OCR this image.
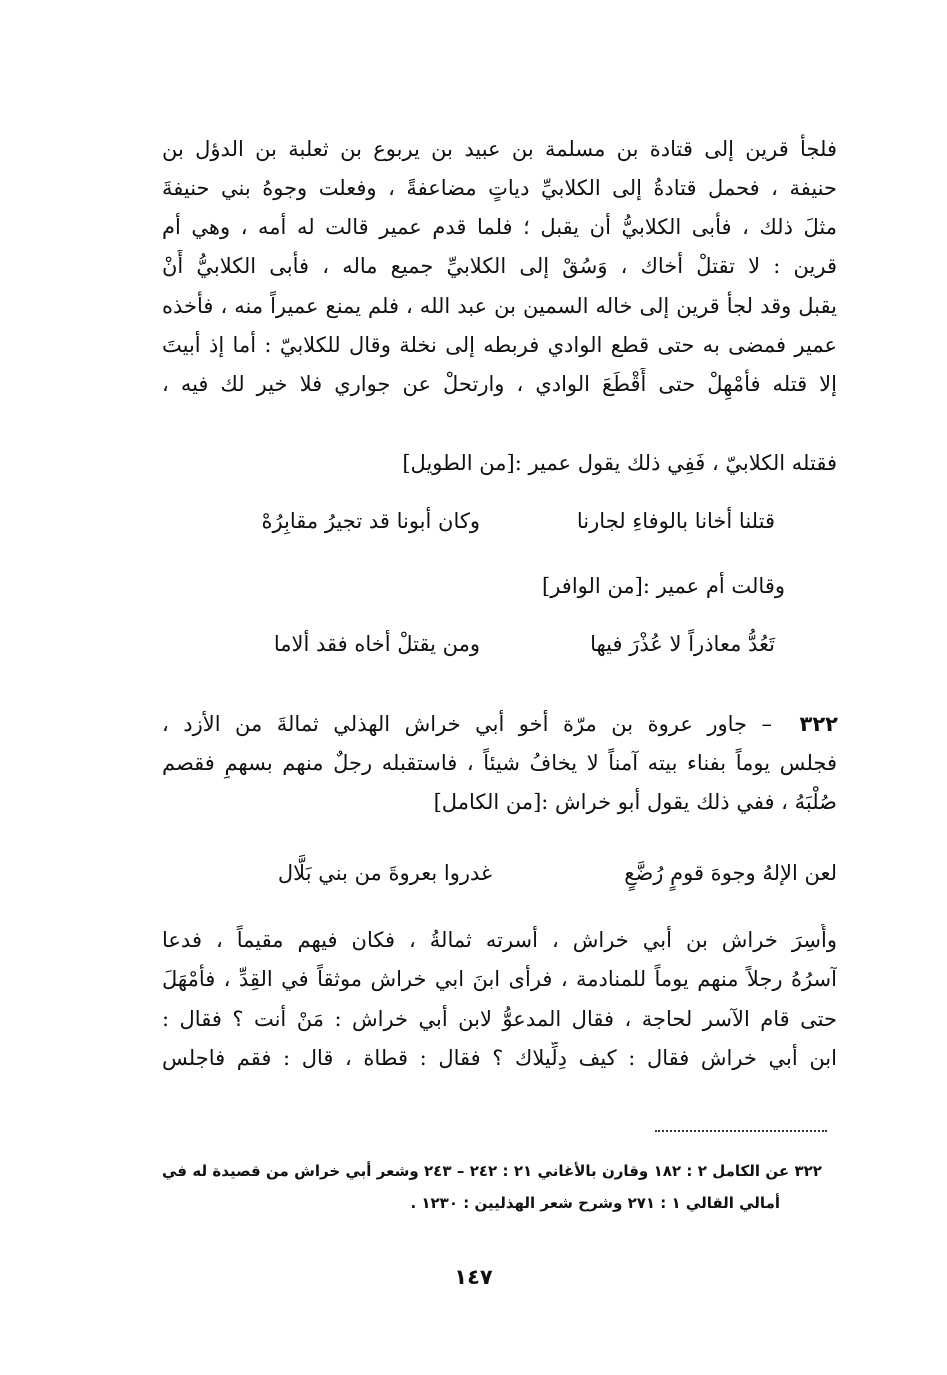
فلجأ قرين إلى قتادة بن مسلمة بن عبيد بن يربوع بن ثعلبة بن الدؤل بن
حنيفة ، فحمل قتادةُ إلى الكلابيِّ دياتٍ مضاعفةً ، وفعلت وجوهُ بني حنيفةَ
مثلَ ذلك ، فأبى الكلابيُّ أن يقبل ؛ فلما قدم عمير قالت له أمه ، وهي أم
قرين : لا تقتلْ أخاك ، وَسُقْ إلى الكلابيِّ جميع ماله ، فأبى الكلابيُّ أَنْ
يقبل وقد لجأ قرين إلى خاله السمين بن عبد الله ، فلم يمنع عميراً منه ، فأخذه
عمير فمضى به حتى قطع الوادي فربطه إلى نخلة وقال للكلابيّ : أما إذ أبيتَ
إلا قتله فأَمْهِلْ حتى أَقْطَعَ الوادي ، وارتحلْ عن جواري فلا خير لك فيه ،
فقتله الكلابيّ ، فَفِي ذلك يقول عمير :[من الطويل]
قتلنا أخانا بالوفاءِ لجارنا
وكان أبونا قد تجيرُ مقابِرُهْ
وقالت أم عمير :[من الوافر]
تَعُدُّ معاذراً لا عُذْرَ فيها
ومن يقتلْ أخاه فقد ألاما
– جاور عروة بن مرّة أخو أبي خراش الهذلي ثمالةَ من الأزد ،	٣٢٢
فجلس يوماً بفناء بيته آمناً لا يخافُ شيئاً ، فاستقبله رجلٌ منهم بسهمٍ فقصم
صُلْبَهُ ، ففي ذلك يقول أبو خراش :[من الكامل]
لعن الإلهُ وجوهَ قومٍ رُضَّعٍ
غدروا بعروةَ من بني بَلَّال
وأُسِرَ خراش بن أبي خراش ، أسرته ثمالةُ ، فكان فيهم مقيماً ، فدعا
آسرُهُ رجلاً منهم يوماً للمنادمة ، فرأى ابنَ ابي خراش موثقاً في القِدِّ ، فأَمْهَلَ
حتى قام الآسر لحاجة ، فقال المدعوُّ لابن أبي خراش : مَنْ أنت ؟ فقال :
ابن أبي خراش فقال : كيف دِلِّيلاك ؟ فقال : قطاة ، قال : فقم فاجلس
٣٢٢ عن الكامل ٢ : ١٨٢ وقارن بالأغاني ٢١ : ٢٤٢ – ٢٤٣ وشعر أبي خراش من قصيدة له في
أمالي القالي ١ : ٢٧١ وشرح شعر الهذليين : ١٢٣٠ .
١٤٧
